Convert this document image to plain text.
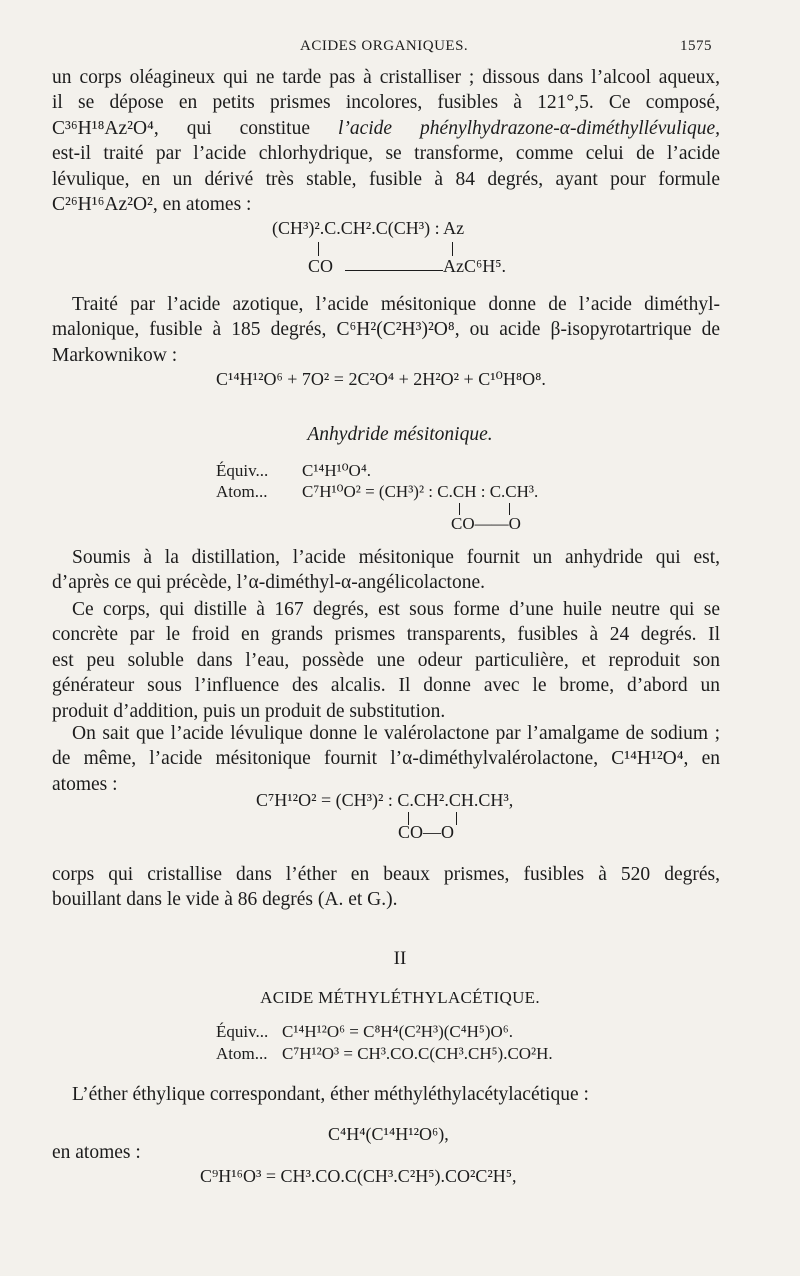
ACIDES ORGANIQUES.	1575
un corps oléagineux qui ne tarde pas à cristalliser ; dissous dans l’alcool aqueux,
il se dépose en petits prismes incolores, fusibles à 121°,5. Ce composé,
C³⁶H¹⁸Az²O⁴, qui constitue l’acide phénylhydrazone-α-diméthyllévulique,
est-il traité par l’acide chlorhydrique, se transforme, comme celui de l’acide
lévulique, en un dérivé très stable, fusible à 84 degrés, ayant pour formule
C²⁶H¹⁶Az²O², en atomes :
(CH³)².C.CH².C(CH³) : Az
CO	AzC⁶H⁵.
Traité par l’acide azotique, l’acide mésitonique donne de l’acide diméthyl-
malonique, fusible à 185 degrés, C⁶H²(C²H³)²O⁸, ou acide β-isopyrotartrique de
Markownikow :
C¹⁴H¹²O⁶ + 7O² = 2C²O⁴ + 2H²O² + C¹⁰H⁸O⁸.
Anhydride mésitonique.
Équiv... C¹⁴H¹⁰O⁴.
Atom... C⁷H¹⁰O² = (CH³)² : C.CH : C.CH³.
CO——O
Soumis à la distillation, l’acide mésitonique fournit un anhydride qui est,
d’après ce qui précède, l’α-diméthyl-α-angélicolactone.
Ce corps, qui distille à 167 degrés, est sous forme d’une huile neutre qui se
concrète par le froid en grands prismes transparents, fusibles à 24 degrés. Il
est peu soluble dans l’eau, possède une odeur particulière, et reproduit son
générateur sous l’influence des alcalis. Il donne avec le brome, d’abord un
produit d’addition, puis un produit de substitution.
On sait que l’acide lévulique donne le valérolactone par l’amalgame de sodium ;
de même, l’acide mésitonique fournit l’α-diméthylvalérolactone, C¹⁴H¹²O⁴, en
atomes :
C⁷H¹²O² = (CH³)² : C.CH².CH.CH³,
CO—O
corps qui cristallise dans l’éther en beaux prismes, fusibles à 520 degrés,
bouillant dans le vide à 86 degrés (A. et G.).
II
ACIDE MÉTHYLÉTHYLACÉTIQUE.
Équiv... C¹⁴H¹²O⁶ = C⁸H⁴(C²H³)(C⁴H⁵)O⁶.
Atom... C⁷H¹²O³ = CH³.CO.C(CH³.CH⁵).CO²H.
L’éther éthylique correspondant, éther méthyléthylacétylacétique :
C⁴H⁴(C¹⁴H¹²O⁶),
en atomes :
C⁹H¹⁶O³ = CH³.CO.C(CH³.C²H⁵).CO²C²H⁵,
